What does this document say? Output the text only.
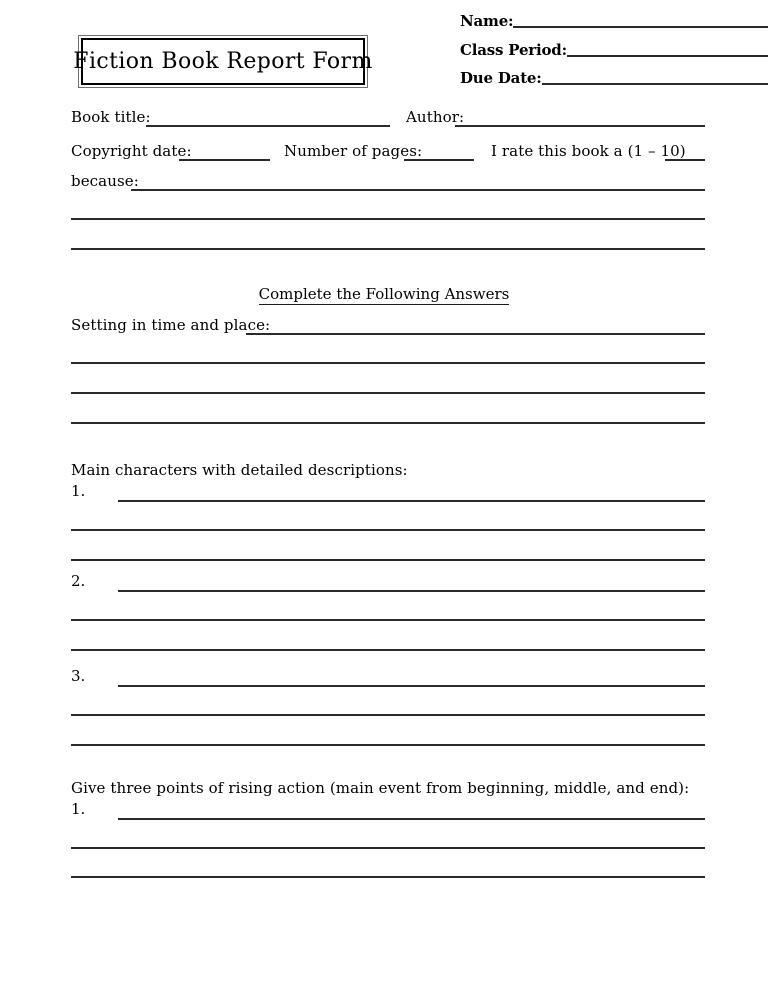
Fiction Book Report Form
Name:
Class Period:
Due Date:
Book title:	Author:
Copyright date:	Number of pages:	I rate this book a (1 – 10)
because:
Complete the Following Answers
Setting in time and place:
Main characters with detailed descriptions:
1.
2.
3.
Give three points of rising action (main event from beginning, middle, and end):
1.
